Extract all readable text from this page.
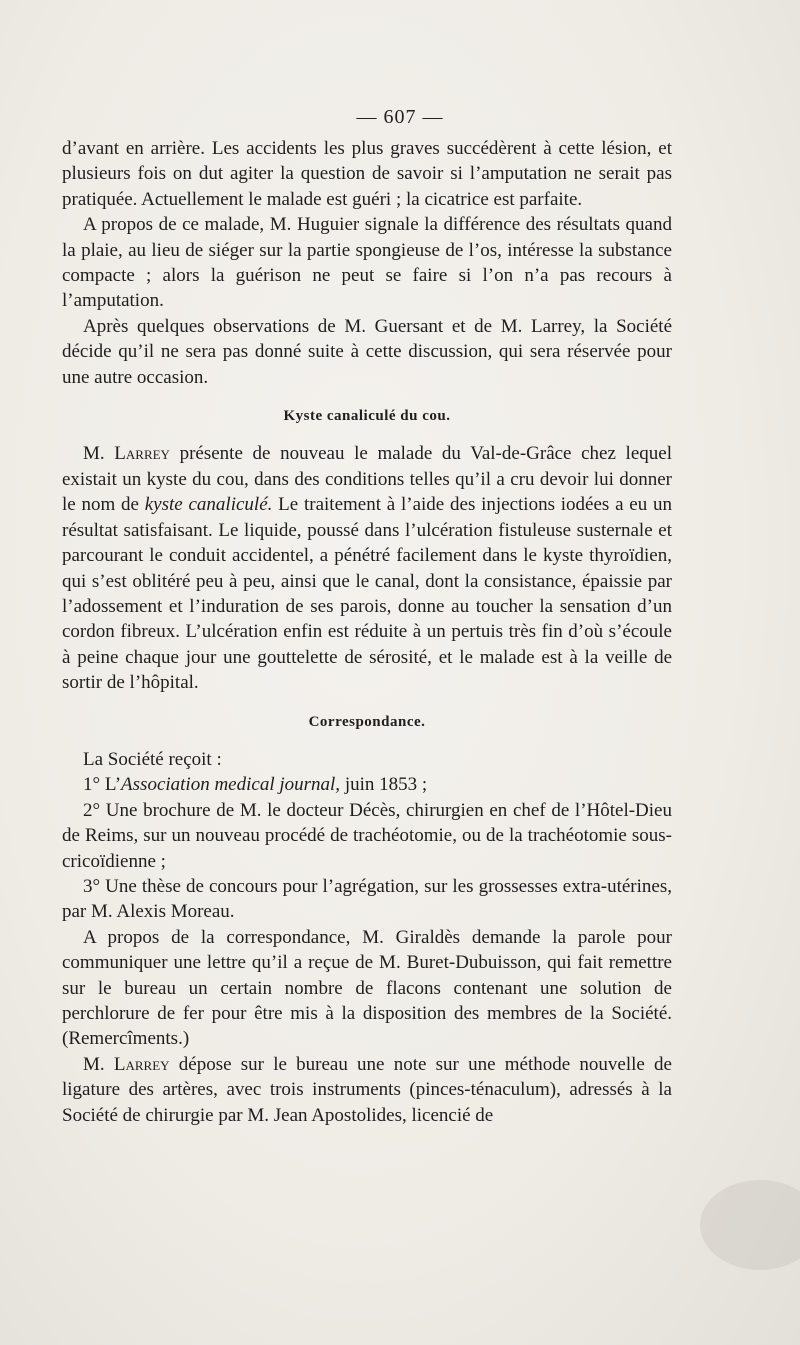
— 607 —

d’avant en arrière. Les accidents les plus graves succédèrent à cette lésion, et plusieurs fois on dut agiter la question de savoir si l’amputation ne serait pas pratiquée. Actuellement le malade est guéri ; la cicatrice est parfaite.

A propos de ce malade, M. Huguier signale la différence des résultats quand la plaie, au lieu de siéger sur la partie spongieuse de l’os, intéresse la substance compacte ; alors la guérison ne peut se faire si l’on n’a pas recours à l’amputation.

Après quelques observations de M. Guersant et de M. Larrey, la Société décide qu’il ne sera pas donné suite à cette discussion, qui sera réservée pour une autre occasion.

Kyste canaliculé du cou.

M. Larrey présente de nouveau le malade du Val-de-Grâce chez lequel existait un kyste du cou, dans des conditions telles qu’il a cru devoir lui donner le nom de kyste canaliculé. Le traitement à l’aide des injections iodées a eu un résultat satisfaisant. Le liquide, poussé dans l’ulcération fistuleuse susternale et parcourant le conduit accidentel, a pénétré facilement dans le kyste thyroïdien, qui s’est oblitéré peu à peu, ainsi que le canal, dont la consistance, épaissie par l’adossement et l’induration de ses parois, donne au toucher la sensation d’un cordon fibreux. L’ulcération enfin est réduite à un pertuis très fin d’où s’écoule à peine chaque jour une gouttelette de sérosité, et le malade est à la veille de sortir de l’hôpital.

Correspondance.

La Société reçoit :

1° L’Association medical journal, juin 1853 ;

2° Une brochure de M. le docteur Décès, chirurgien en chef de l’Hôtel-Dieu de Reims, sur un nouveau procédé de trachéotomie, ou de la trachéotomie sous-cricoïdienne ;

3° Une thèse de concours pour l’agrégation, sur les grossesses extra-utérines, par M. Alexis Moreau.

A propos de la correspondance, M. Giraldès demande la parole pour communiquer une lettre qu’il a reçue de M. Buret-Dubuisson, qui fait remettre sur le bureau un certain nombre de flacons contenant une solution de perchlorure de fer pour être mis à la disposition des membres de la Société. (Remercîments.)

M. Larrey dépose sur le bureau une note sur une méthode nouvelle de ligature des artères, avec trois instruments (pinces-ténaculum), adressés à la Société de chirurgie par M. Jean Apostolides, licencié de
